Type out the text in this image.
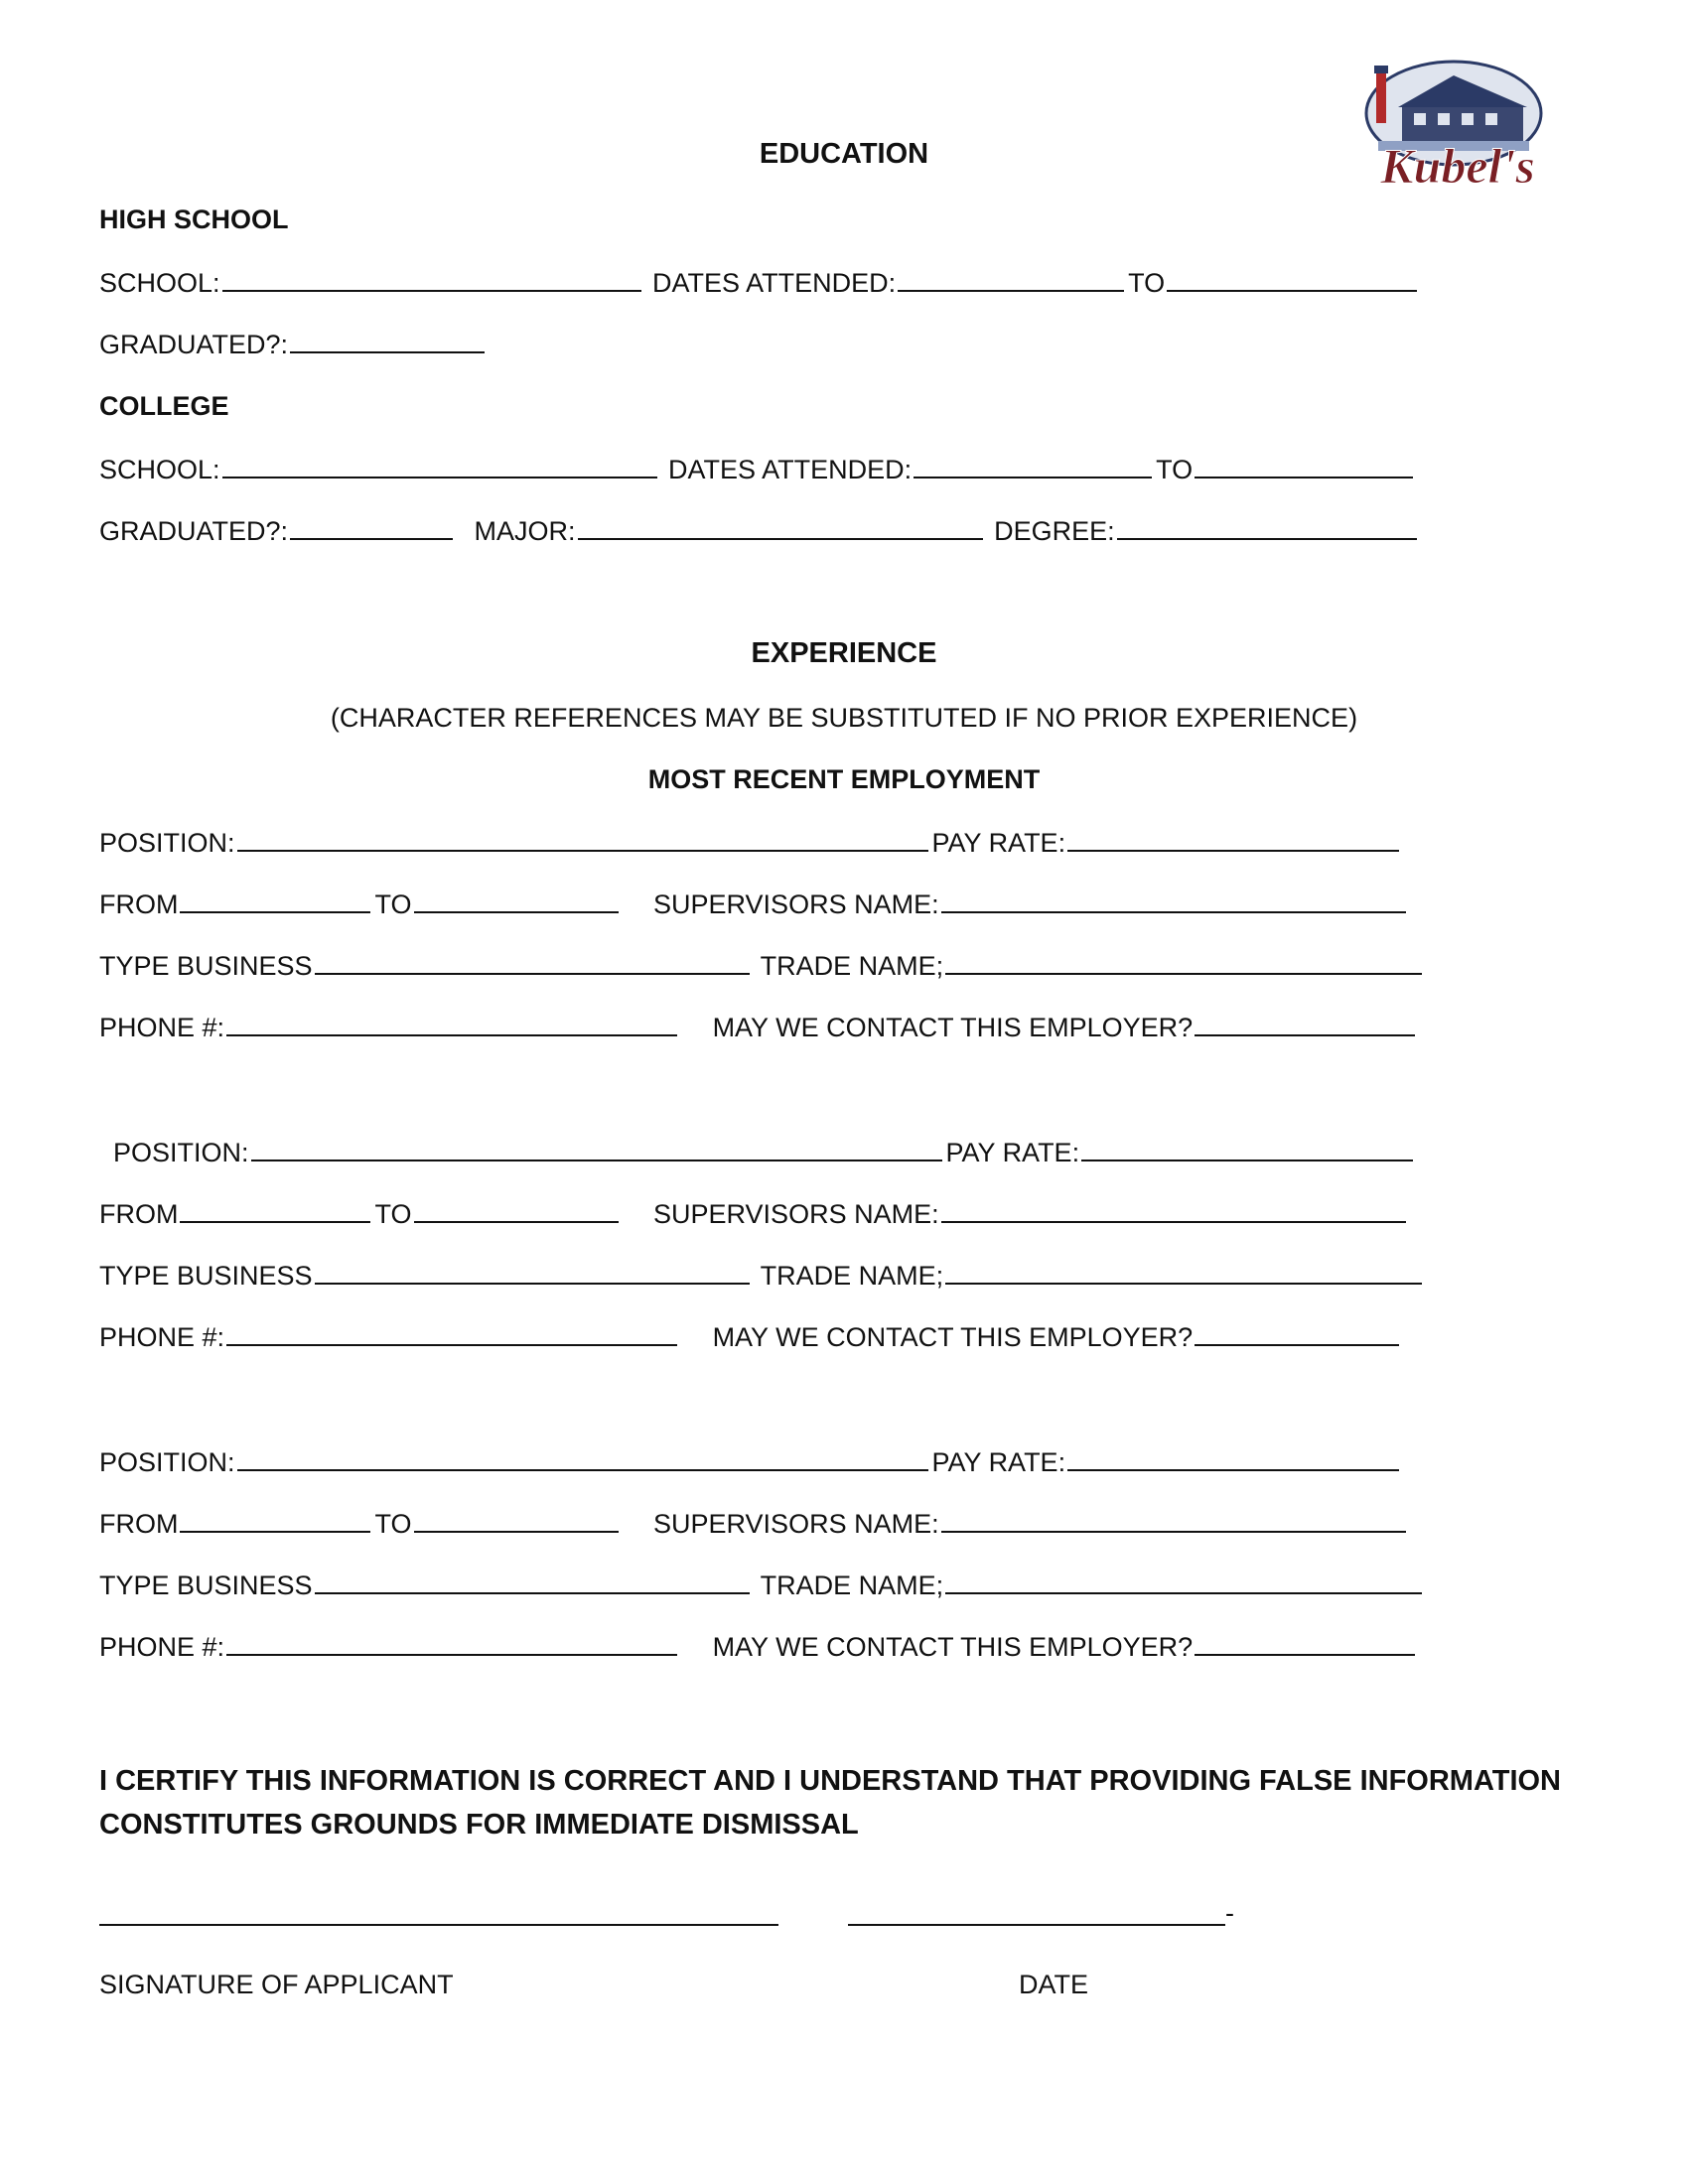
Kubel's
EDUCATION
HIGH SCHOOL
SCHOOL:	DATES ATTENDED:	TO
GRADUATED?:
COLLEGE
SCHOOL:	DATES ATTENDED:	TO
GRADUATED?:	MAJOR:	DEGREE:
EXPERIENCE
(CHARACTER REFERENCES MAY BE SUBSTITUTED IF NO PRIOR EXPERIENCE)
MOST RECENT EMPLOYMENT
POSITION:	PAY RATE:
FROM	TO	SUPERVISORS NAME:
TYPE BUSINESS	TRADE NAME;
PHONE #:	MAY WE CONTACT THIS EMPLOYER?
POSITION:	PAY RATE:
FROM	TO	SUPERVISORS NAME:
TYPE BUSINESS	TRADE NAME;
PHONE #:	MAY WE CONTACT THIS EMPLOYER?
POSITION:	PAY RATE:
FROM	TO	SUPERVISORS NAME:
TYPE BUSINESS	TRADE NAME;
PHONE #:	MAY WE CONTACT THIS EMPLOYER?
I CERTIFY THIS INFORMATION IS CORRECT AND I UNDERSTAND THAT PROVIDING FALSE INFORMATION
CONSTITUTES GROUNDS FOR IMMEDIATE DISMISSAL
-
SIGNATURE OF APPLICANT	DATE
